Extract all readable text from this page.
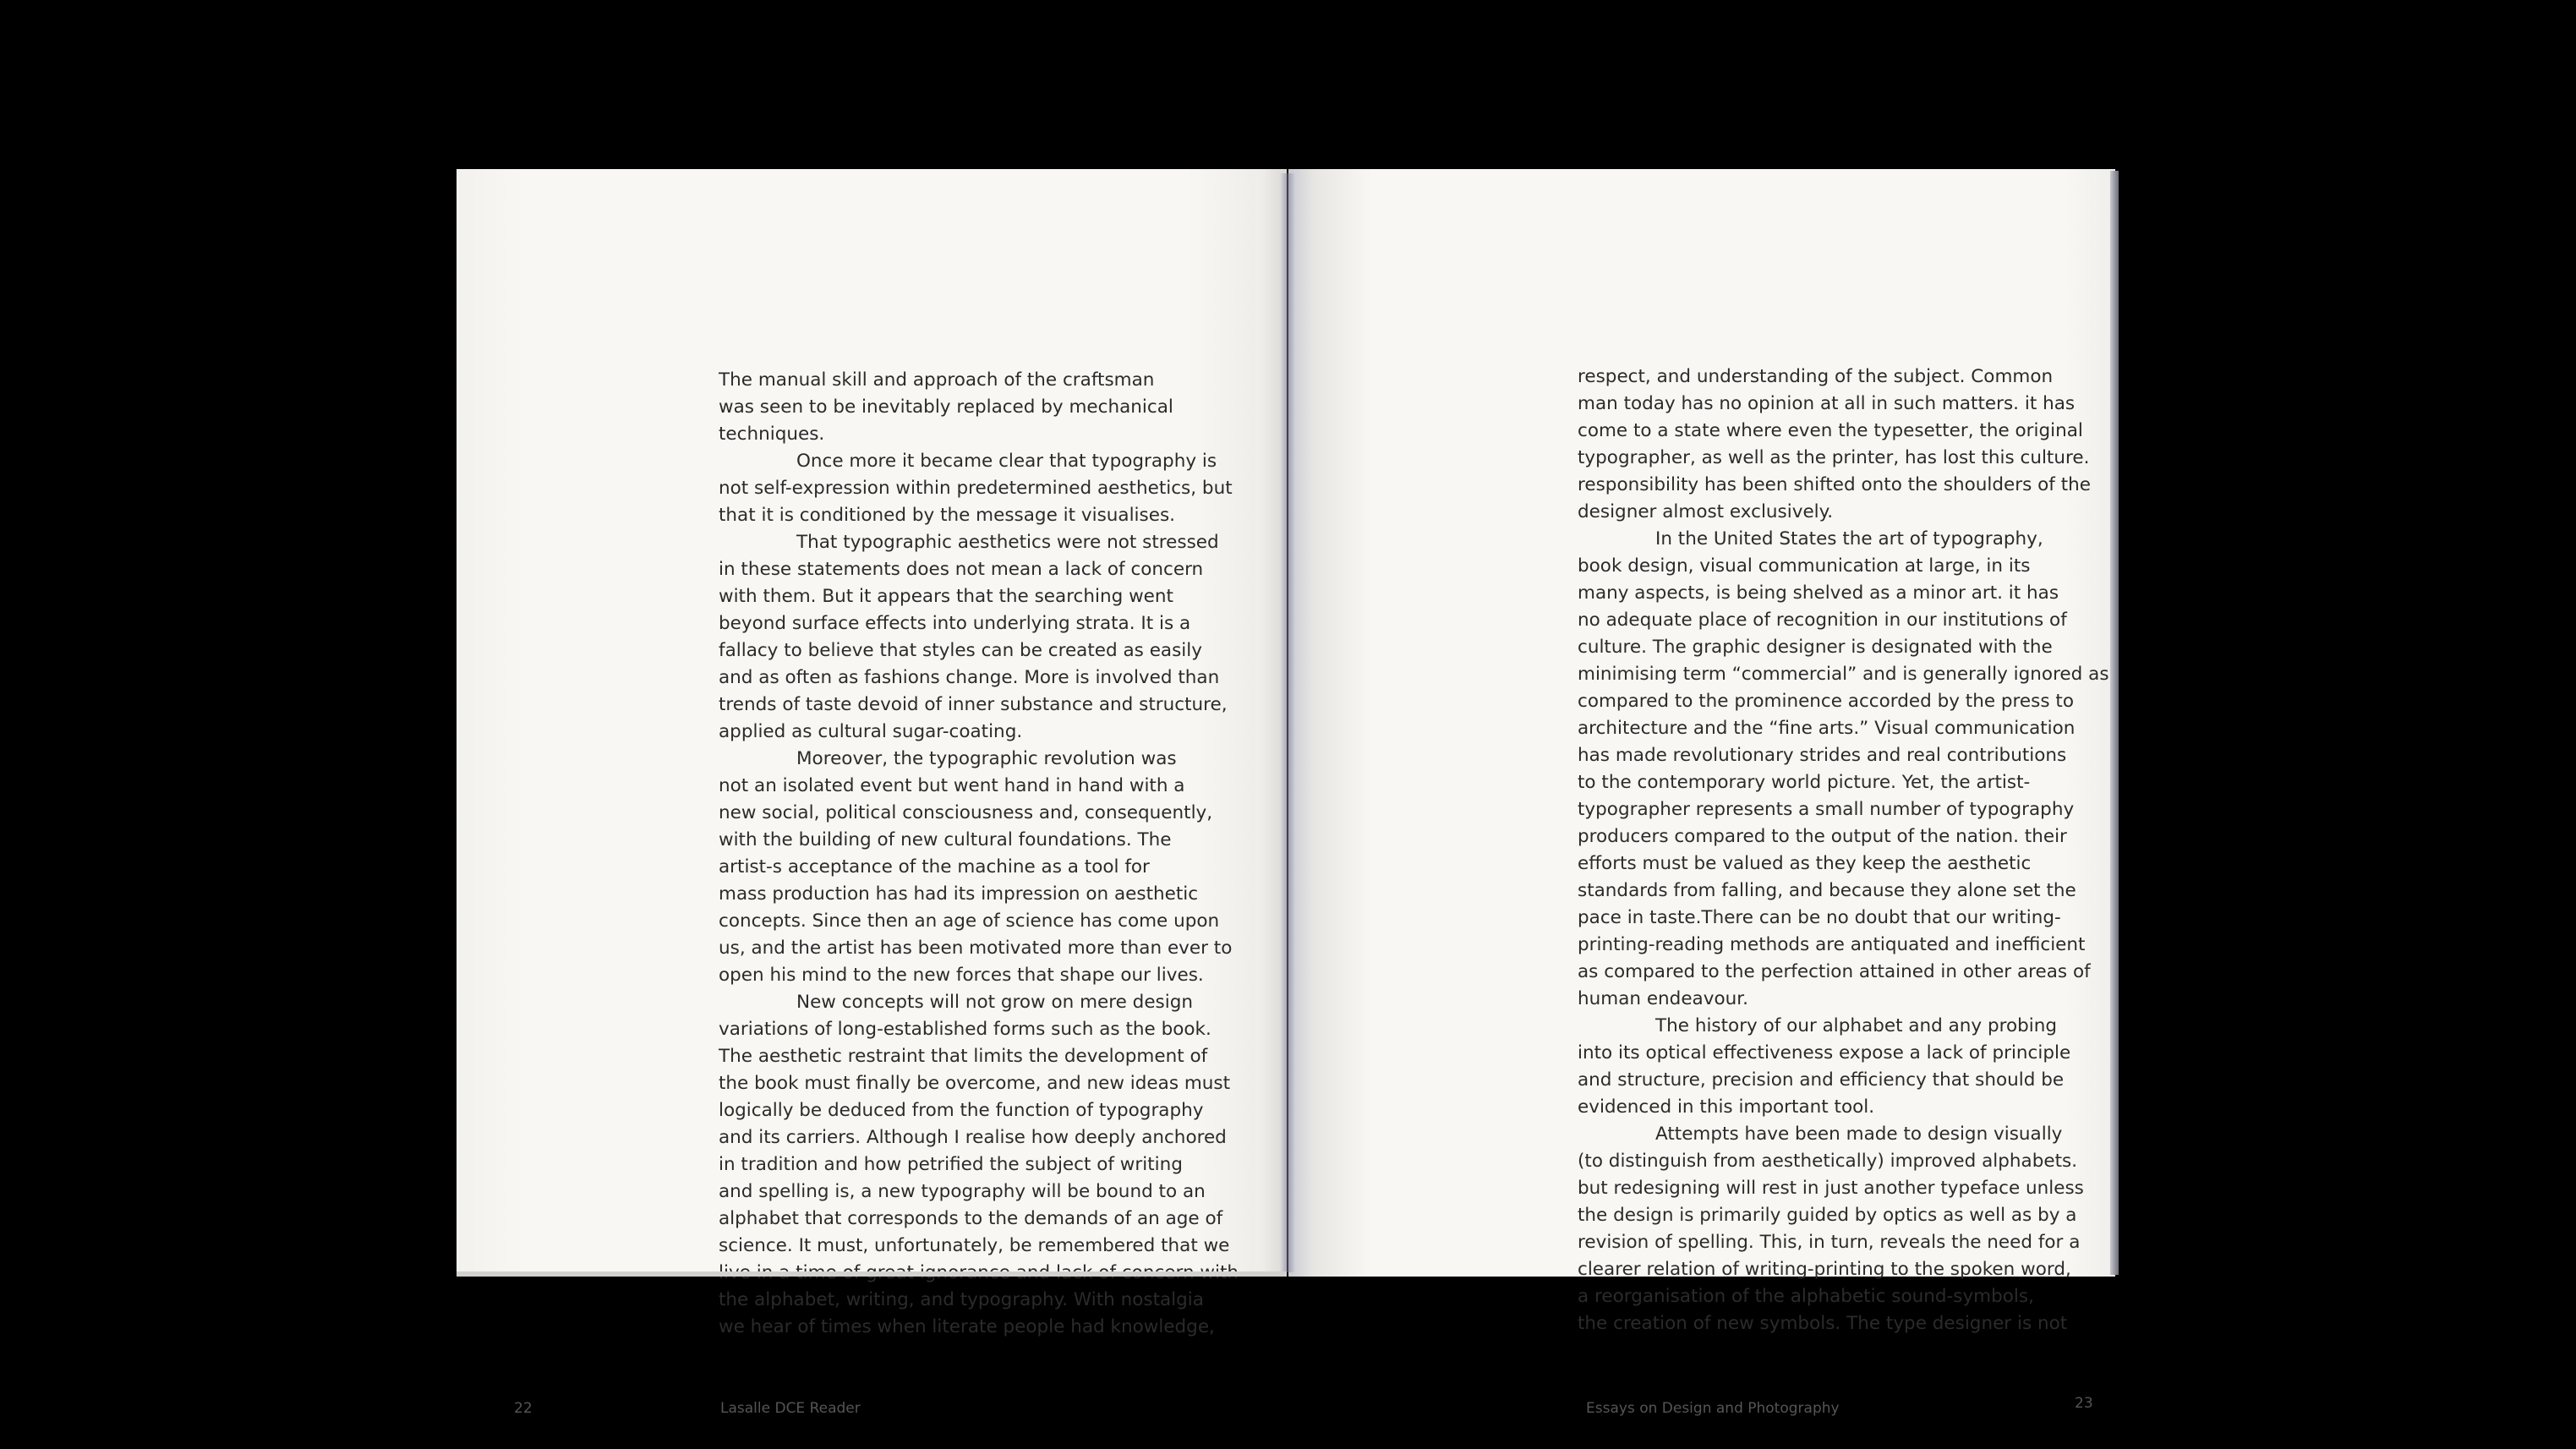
The manual skill and approach of the craftsman
was seen to be inevitably replaced by mechanical
techniques.
Once more it became clear that typography is
not self-expression within predetermined aesthetics, but
that it is conditioned by the message it visualises.
That typographic aesthetics were not stressed
in these statements does not mean a lack of concern
with them. But it appears that the searching went
beyond surface effects into underlying strata. It is a
fallacy to believe that styles can be created as easily
and as often as fashions change. More is involved than
trends of taste devoid of inner substance and structure,
applied as cultural sugar-coating.
Moreover, the typographic revolution was
not an isolated event but went hand in hand with a
new social, political consciousness and, consequently,
with the building of new cultural foundations. The
artist-s acceptance of the machine as a tool for
mass production has had its impression on aesthetic
concepts. Since then an age of science has come upon
us, and the artist has been motivated more than ever to
open his mind to the new forces that shape our lives.
New concepts will not grow on mere design
variations of long-established forms such as the book.
The aesthetic restraint that limits the development of
the book must finally be overcome, and new ideas must
logically be deduced from the function of typography
and its carriers. Although I realise how deeply anchored
in tradition and how petrified the subject of writing
and spelling is, a new typography will be bound to an
alphabet that corresponds to the demands of an age of
science. It must, unfortunately, be remembered that we
the alphabet, writing, and typography. With nostalgia
we hear of times when literate people had knowledge,
22	Lasalle DCE Reader
respect, and understanding of the subject. Common
man today has no opinion at all in such matters. it has
come to a state where even the typesetter, the original
typographer, as well as the printer, has lost this culture.
responsibility has been shifted onto the shoulders of the
designer almost exclusively.
In the United States the art of typography,
book design, visual communication at large, in its
many aspects, is being shelved as a minor art. it has
no adequate place of recognition in our institutions of
culture. The graphic designer is designated with the
minimising term “commercial” and is generally ignored as
compared to the prominence accorded by the press to
architecture and the “fine arts.” Visual communication
has made revolutionary strides and real contributions
to the contemporary world picture. Yet, the artist-
typographer represents a small number of typography
producers compared to the output of the nation. their
efforts must be valued as they keep the aesthetic
standards from falling, and because they alone set the
pace in taste.There can be no doubt that our writing-
printing-reading methods are antiquated and inefficient
as compared to the perfection attained in other areas of
human endeavour.
The history of our alphabet and any probing
into its optical effectiveness expose a lack of principle
and structure, precision and efficiency that should be
evidenced in this important tool.
Attempts have been made to design visually
(to distinguish from aesthetically) improved alphabets.
but redesigning will rest in just another typeface unless
the design is primarily guided by optics as well as by a
revision of spelling. This, in turn, reveals the need for a
clearer relation of writing-printing to the spoken word,
a reorganisation of the alphabetic sound-symbols,
the creation of new symbols. The type designer is not
Essays on Design and Photography	23
